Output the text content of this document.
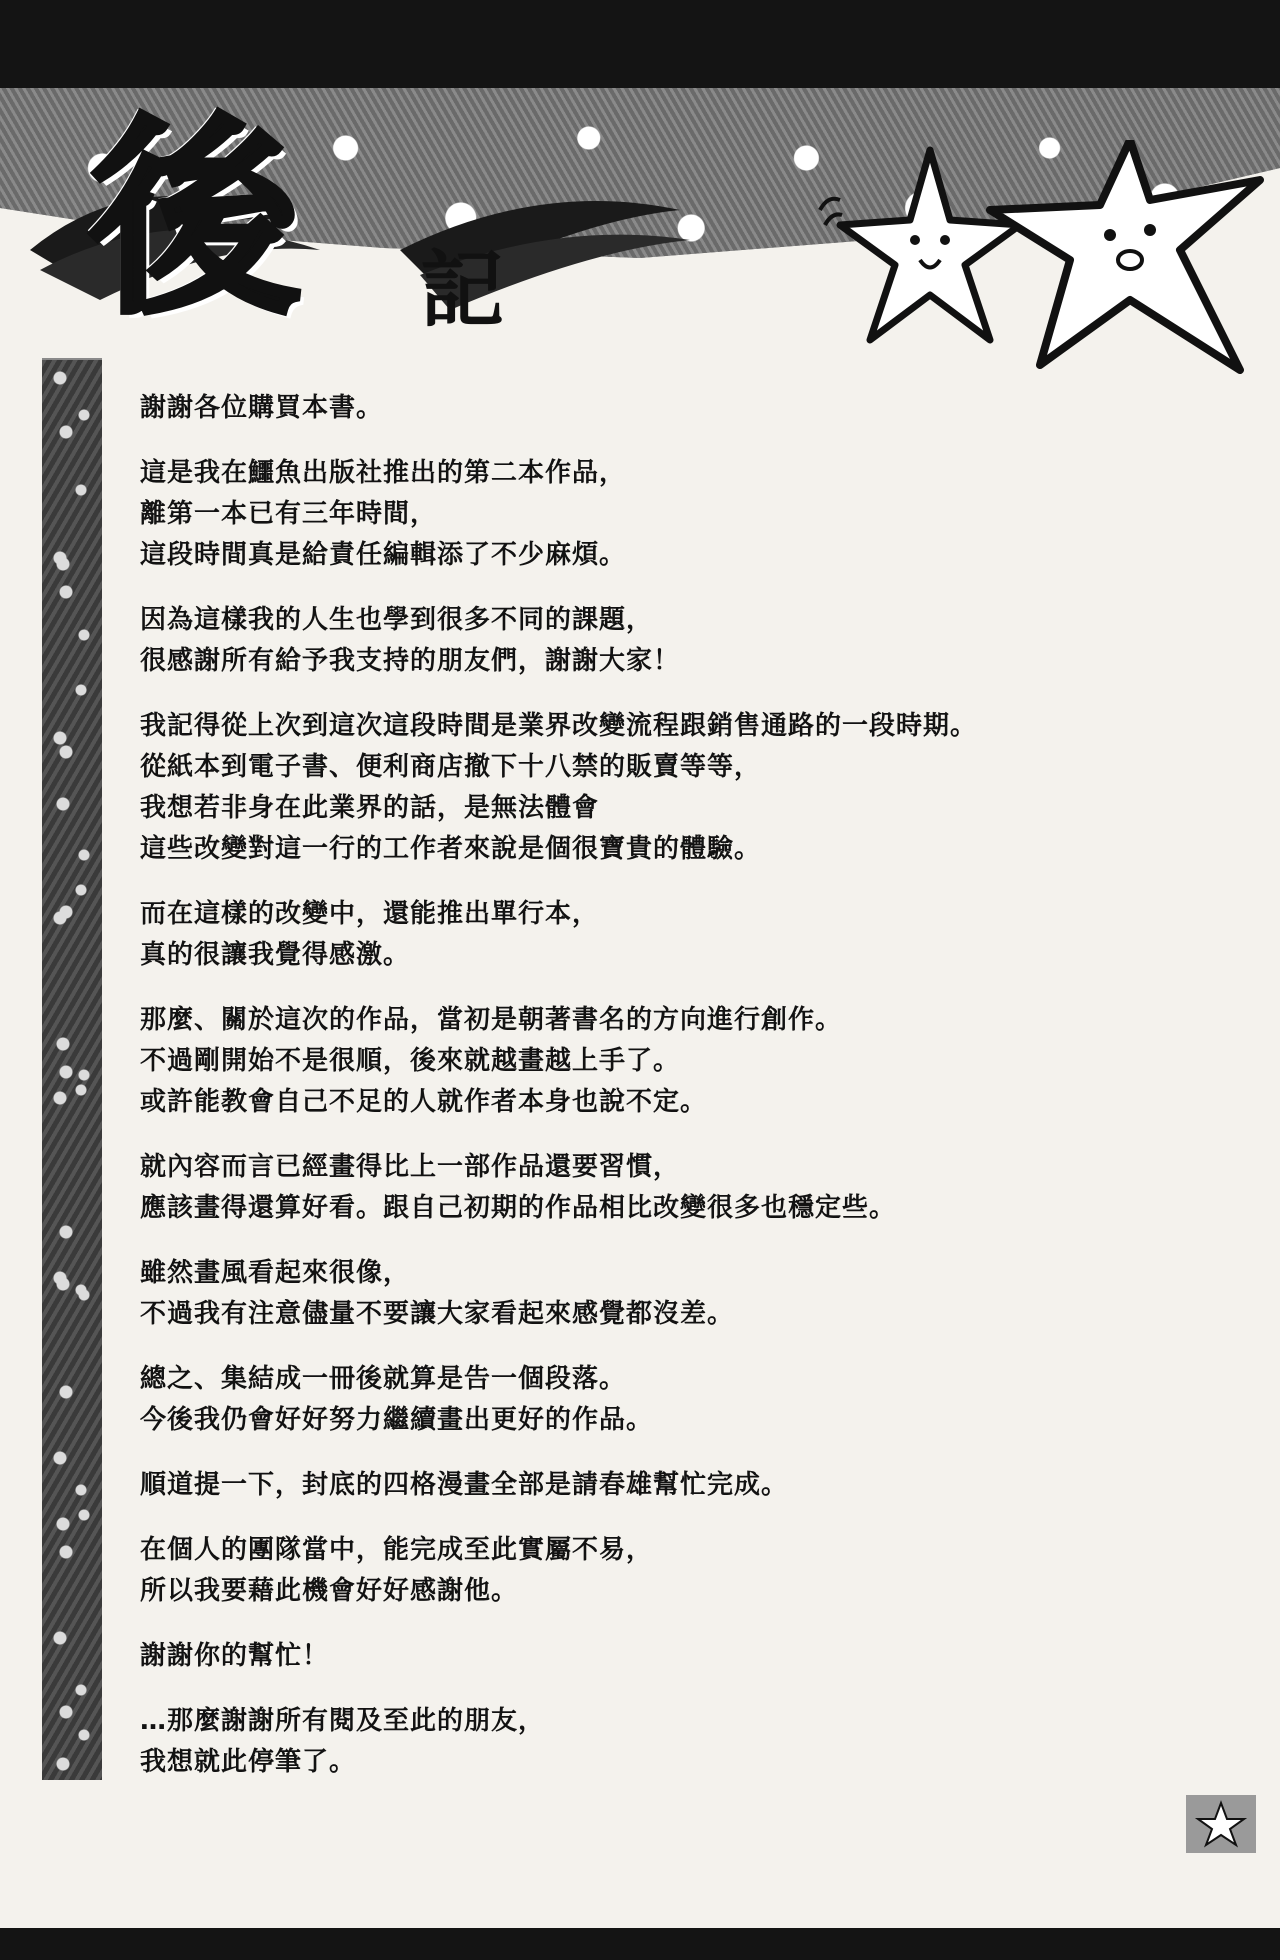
後	記
謝謝各位購買本書。
這是我在鱷魚出版社推出的第二本作品，
離第一本已有三年時間，
這段時間真是給責任編輯添了不少麻煩。
因為這樣我的人生也學到很多不同的課題，
很感謝所有給予我支持的朋友們，謝謝大家！
我記得從上次到這次這段時間是業界改變流程跟銷售通路的一段時期。
從紙本到電子書、便利商店撤下十八禁的販賣等等，
我想若非身在此業界的話，是無法體會
這些改變對這一行的工作者來說是個很寶貴的體驗。
而在這樣的改變中，還能推出單行本，
真的很讓我覺得感激。
那麼、關於這次的作品，當初是朝著書名的方向進行創作。
不過剛開始不是很順，後來就越畫越上手了。
或許能教會自己不足的人就作者本身也說不定。
就內容而言已經畫得比上一部作品還要習慣，
應該畫得還算好看。跟自己初期的作品相比改變很多也穩定些。
雖然畫風看起來很像，
不過我有注意儘量不要讓大家看起來感覺都沒差。
總之、集結成一冊後就算是告一個段落。
今後我仍會好好努力繼續畫出更好的作品。
順道提一下，封底的四格漫畫全部是請春雄幫忙完成。
在個人的團隊當中，能完成至此實屬不易，
所以我要藉此機會好好感謝他。
謝謝你的幫忙！
…那麼謝謝所有閱及至此的朋友，
我想就此停筆了。
